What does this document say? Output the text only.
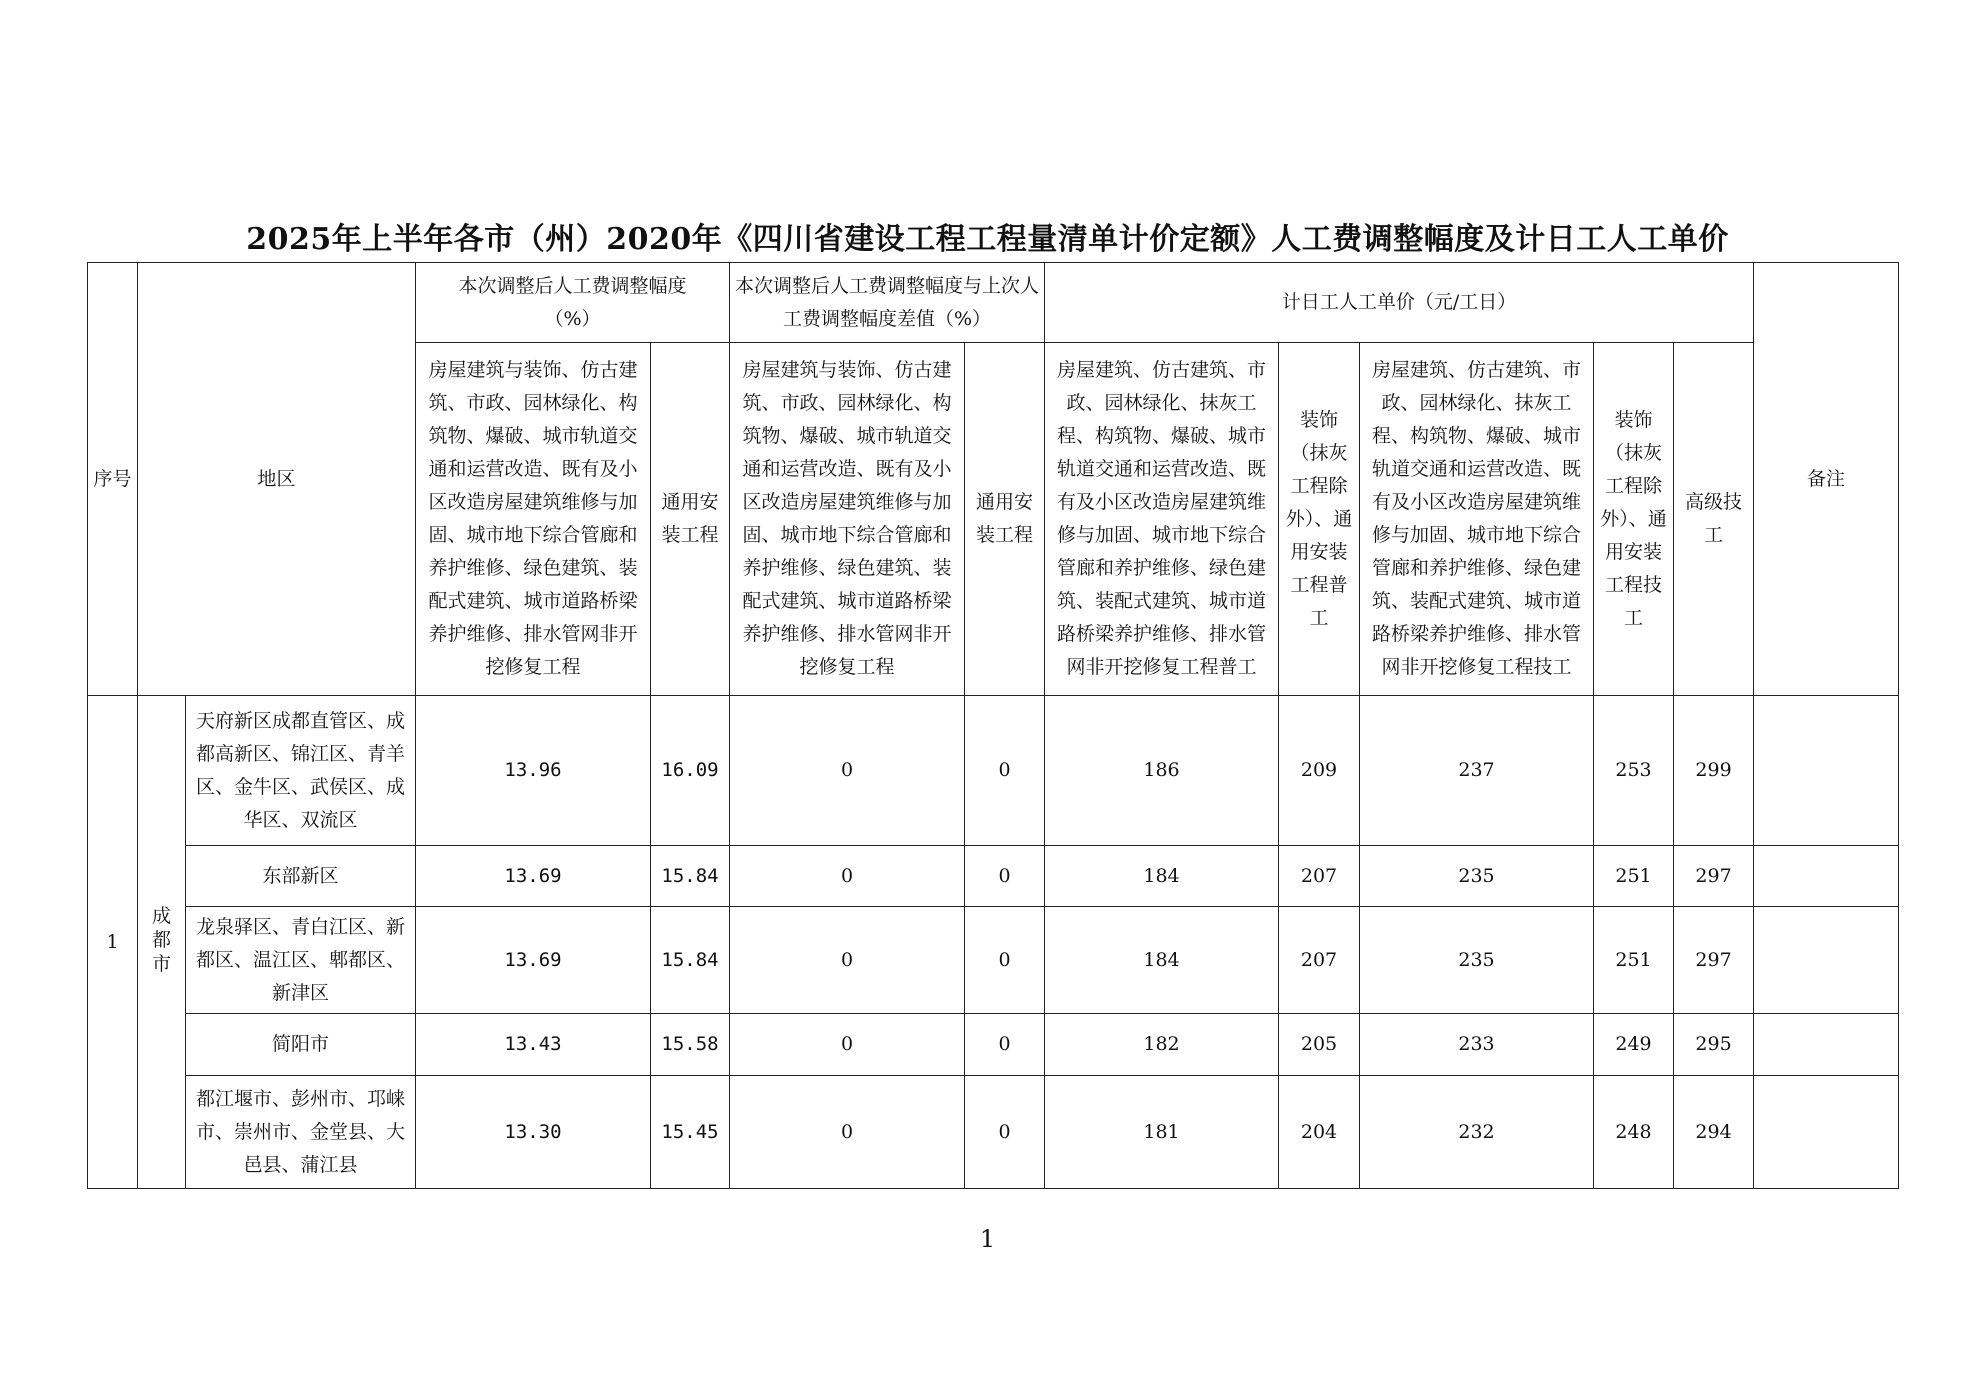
2025年上半年各市（州）2020年《四川省建设工程工程量清单计价定额》人工费调整幅度及计日工人工单价
序号	地区		本次调整后人工费调整幅度（%）		本次调整后人工费调整幅度与上次人工费调整幅度差值（%）		计日工人工单价（元/工日）					备注
			房屋建筑与装饰、仿古建筑、市政、园林绿化、构筑物、爆破、城市轨道交通和运营改造、既有及小区改造房屋建筑维修与加固、城市地下综合管廊和养护维修、绿色建筑、装配式建筑、城市道路桥梁养护维修、排水管网非开挖修复工程	通用安装工程	房屋建筑与装饰、仿古建筑、市政、园林绿化、构筑物、爆破、城市轨道交通和运营改造、既有及小区改造房屋建筑维修与加固、城市地下综合管廊和养护维修、绿色建筑、装配式建筑、城市道路桥梁养护维修、排水管网非开挖修复工程	通用安装工程	房屋建筑、仿古建筑、市政、园林绿化、抹灰工程、构筑物、爆破、城市轨道交通和运营改造、既有及小区改造房屋建筑维修与加固、城市地下综合管廊和养护维修、绿色建筑、装配式建筑、城市道路桥梁养护维修、排水管网非开挖修复工程普工	装饰（抹灰工程除外）、通用安装工程普工	房屋建筑、仿古建筑、市政、园林绿化、抹灰工程、构筑物、爆破、城市轨道交通和运营改造、既有及小区改造房屋建筑维修与加固、城市地下综合管廊和养护维修、绿色建筑、装配式建筑、城市道路桥梁养护维修、排水管网非开挖修复工程技工	装饰（抹灰工程除外）、通用安装工程技工	高级技工	
1	成都市	天府新区成都直管区、成都高新区、锦江区、青羊区、金牛区、武侯区、成华区、双流区	13.96	16.09	0	0	186	209	237	253	299	
		东部新区	13.69	15.84	0	0	184	207	235	251	297	
		龙泉驿区、青白江区、新都区、温江区、郫都区、新津区	13.69	15.84	0	0	184	207	235	251	297	
		简阳市	13.43	15.58	0	0	182	205	233	249	295	
		都江堰市、彭州市、邛崃市、崇州市、金堂县、大邑县、蒲江县	13.30	15.45	0	0	181	204	232	248	294	
1
